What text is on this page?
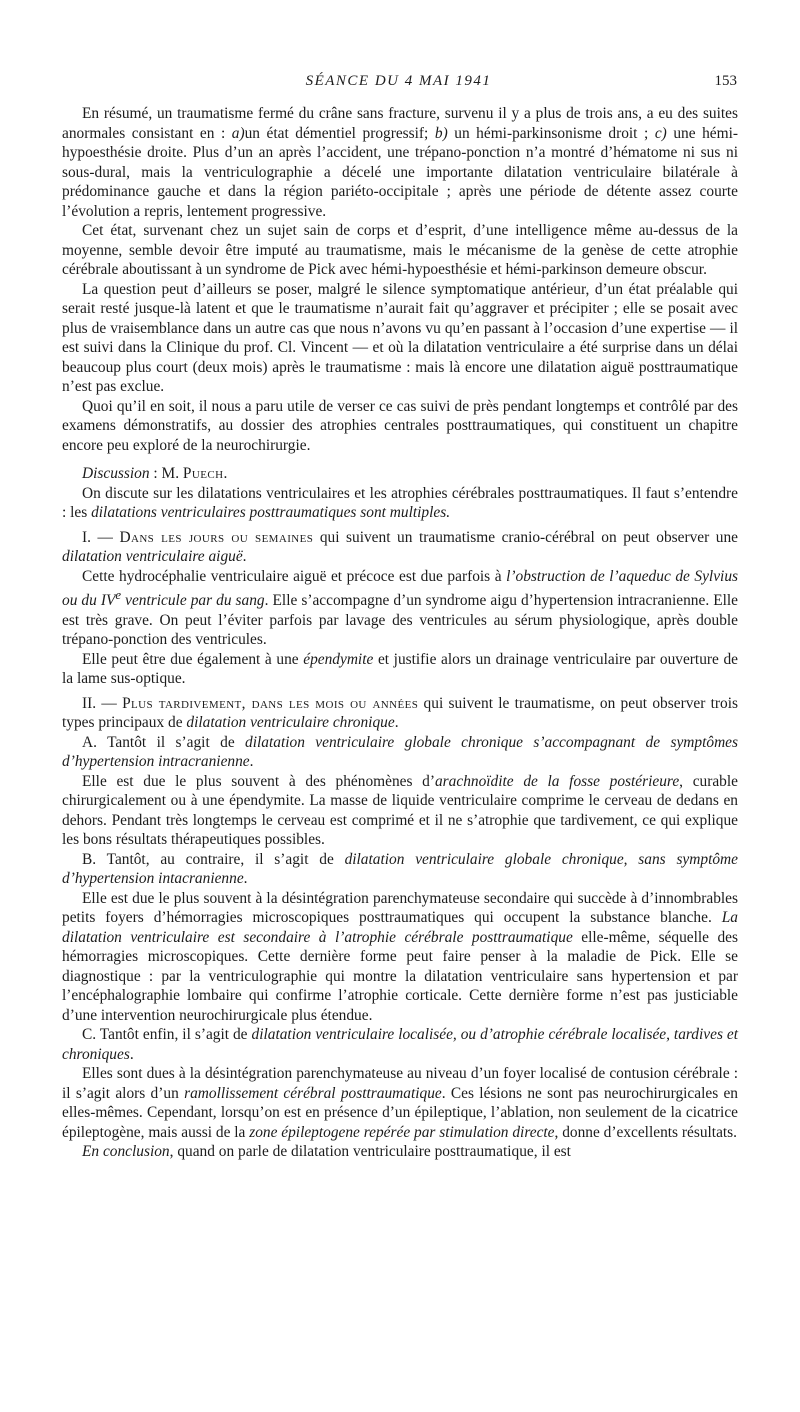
SÉANCE DU 4 MAI 1941	153

En résumé, un traumatisme fermé du crâne sans fracture, survenu il y a plus de trois ans, a eu des suites anormales consistant en : a)un état démentiel progressif; b) un hémi-parkinsonisme droit ; c) une hémi-hypoesthésie droite. Plus d’un an après l’accident, une trépano-ponction n’a montré d’hématome ni sus ni sous-dural, mais la ventriculographie a décelé une importante dilatation ventriculaire bilatérale à prédominance gauche et dans la région pariéto-occipitale ; après une période de détente assez courte l’évolution a repris, lentement progressive.

Cet état, survenant chez un sujet sain de corps et d’esprit, d’une intelligence même au-dessus de la moyenne, semble devoir être imputé au traumatisme, mais le mécanisme de la genèse de cette atrophie cérébrale aboutissant à un syndrome de Pick avec hémi-hypoesthésie et hémi-parkinson demeure obscur.

La question peut d’ailleurs se poser, malgré le silence symptomatique antérieur, d’un état préalable qui serait resté jusque-là latent et que le traumatisme n’aurait fait qu’aggraver et précipiter ; elle se posait avec plus de vraisemblance dans un autre cas que nous n’avons vu qu’en passant à l’occasion d’une expertise — il est suivi dans la Clinique du prof. Cl. Vincent — et où la dilatation ventriculaire a été surprise dans un délai beaucoup plus court (deux mois) après le traumatisme : mais là encore une dilatation aiguë posttraumatique n’est pas exclue.

Quoi qu’il en soit, il nous a paru utile de verser ce cas suivi de près pendant longtemps et contrôlé par des examens démonstratifs, au dossier des atrophies centrales posttraumatiques, qui constituent un chapitre encore peu exploré de la neurochirurgie.

Discussion : M. Puech.

On discute sur les dilatations ventriculaires et les atrophies cérébrales posttraumatiques. Il faut s’entendre : les dilatations ventriculaires posttraumatiques sont multiples.

I. — Dans les jours ou semaines qui suivent un traumatisme cranio-cérébral on peut observer une dilatation ventriculaire aiguë.

Cette hydrocéphalie ventriculaire aiguë et précoce est due parfois à l’obstruction de l’aqueduc de Sylvius ou du IVe ventricule par du sang. Elle s’accompagne d’un syndrome aigu d’hypertension intracranienne. Elle est très grave. On peut l’éviter parfois par lavage des ventricules au sérum physiologique, après double trépano-ponction des ventricules.

Elle peut être due également à une épendymite et justifie alors un drainage ventriculaire par ouverture de la lame sus-optique.

II. — Plus tardivement, dans les mois ou années qui suivent le traumatisme, on peut observer trois types principaux de dilatation ventriculaire chronique.

A. Tantôt il s’agit de dilatation ventriculaire globale chronique s’accompagnant de symptômes d’hypertension intracranienne.

Elle est due le plus souvent à des phénomènes d’arachnoïdite de la fosse postérieure, curable chirurgicalement ou à une épendymite. La masse de liquide ventriculaire comprime le cerveau de dedans en dehors. Pendant très longtemps le cerveau est comprimé et il ne s’atrophie que tardivement, ce qui explique les bons résultats thérapeutiques possibles.

B. Tantôt, au contraire, il s’agit de dilatation ventriculaire globale chronique, sans symptôme d’hypertension intacranienne.

Elle est due le plus souvent à la désintégration parenchymateuse secondaire qui succède à d’innombrables petits foyers d’hémorragies microscopiques posttraumatiques qui occupent la substance blanche. La dilatation ventriculaire est secondaire à l’atrophie cérébrale posttraumatique elle-même, séquelle des hémorragies microscopiques. Cette dernière forme peut faire penser à la maladie de Pick. Elle se diagnostique : par la ventriculographie qui montre la dilatation ventriculaire sans hypertension et par l’encéphalographie lombaire qui confirme l’atrophie corticale. Cette dernière forme n’est pas justiciable d’une intervention neurochirurgicale plus étendue.

C. Tantôt enfin, il s’agit de dilatation ventriculaire localisée, ou d’atrophie cérébrale localisée, tardives et chroniques.

Elles sont dues à la désintégration parenchymateuse au niveau d’un foyer localisé de contusion cérébrale : il s’agit alors d’un ramollissement cérébral posttraumatique. Ces lésions ne sont pas neurochirurgicales en elles-mêmes. Cependant, lorsqu’on est en présence d’un épileptique, l’ablation, non seulement de la cicatrice épileptogène, mais aussi de la zone épileptogene repérée par stimulation directe, donne d’excellents résultats.

En conclusion, quand on parle de dilatation ventriculaire posttraumatique, il est
